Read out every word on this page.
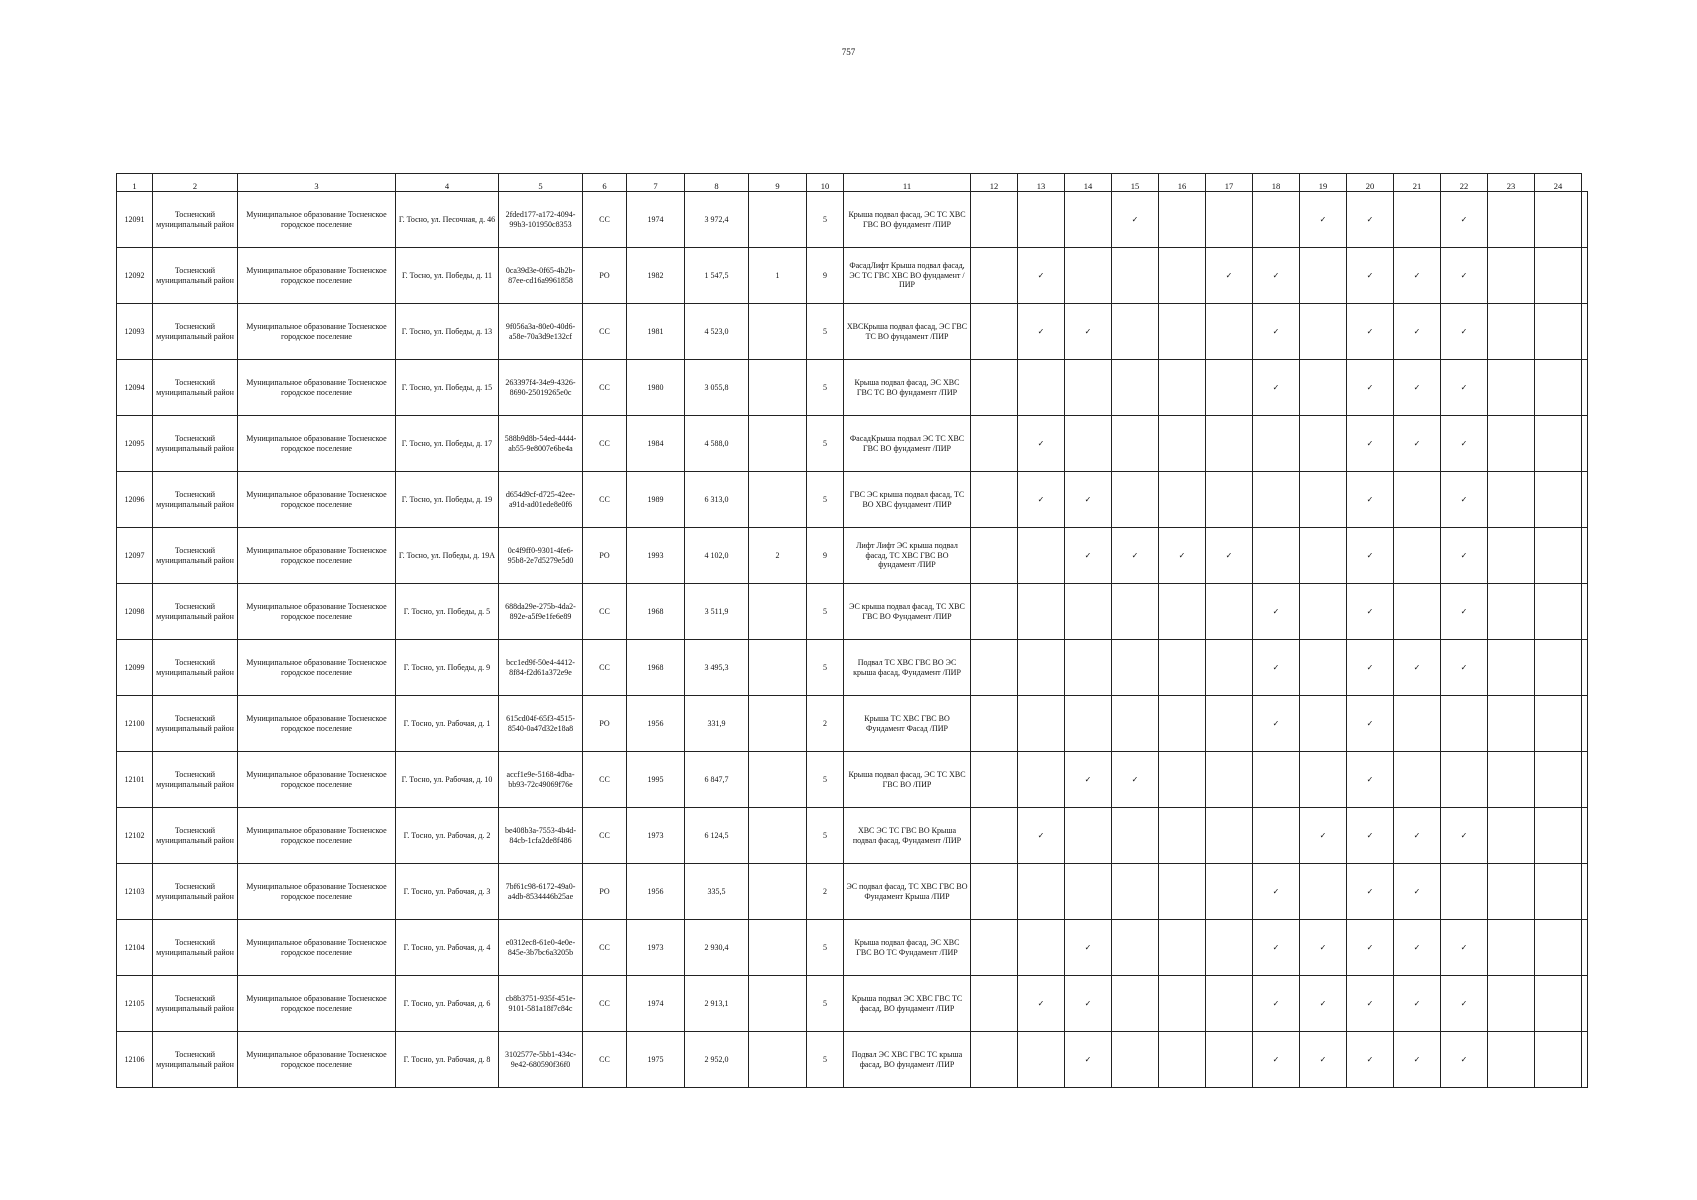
757
1	2	3	4	5	6	7	8	9	10	11	12	13	14	15	16	17	18	19	20	21	22	23	24	
12091	Тосненский муниципальный район	Муниципальное образование Тосненское городское поселение	Г. Тосно, ул. Песочная, д. 46	2fded177-a172-4094-99b3-101950c8353	СС	1974	3 972,4		5	Крыша подвал фасад, ЭС ТС ХВС ГВС ВО фундамент /ПИР				✓				✓	✓		✓			
12092	Тосненский муниципальный район	Муниципальное образование Тосненское городское поселение	Г. Тосно, ул. Победы, д. 11	0ca39d3e-0f65-4b2b-87ee-cd16a9961858	РО	1982	1 547,5	1	9	ФасадЛифт Крыша подвал фасад, ЭС ТС ГВС ХВС ВО фундамент /ПИР		✓				✓	✓		✓	✓	✓			
12093	Тосненский муниципальный район	Муниципальное образование Тосненское городское поселение	Г. Тосно, ул. Победы, д. 13	9f056a3a-80e0-40d6-a58e-70a3d9e132cf	СС	1981	4 523,0		5	ХВСКрыша подвал фасад, ЭС ГВС ТС ВО фундамент /ПИР		✓	✓				✓		✓	✓	✓			
12094	Тосненский муниципальный район	Муниципальное образование Тосненское городское поселение	Г. Тосно, ул. Победы, д. 15	263397f4-34e9-4326-8690-25019265e0c	СС	1980	3 055,8		5	Крыша подвал фасад, ЭС ХВС ГВС ТС ВО фундамент /ПИР							✓		✓	✓	✓			
12095	Тосненский муниципальный район	Муниципальное образование Тосненское городское поселение	Г. Тосно, ул. Победы, д. 17	588b9d8b-54ed-4444-ab55-9e8007e6be4a	СС	1984	4 588,0		5	ФасадКрыша подвал ЭС ТС ХВС ГВС ВО фундамент /ПИР		✓							✓	✓	✓			
12096	Тосненский муниципальный район	Муниципальное образование Тосненское городское поселение	Г. Тосно, ул. Победы, д. 19	d654d9cf-d725-42ee-a91d-ad01ede8e0f6	СС	1989	6 313,0		5	ГВС ЭС крыша подвал фасад, ТС ВО ХВС фундамент /ПИР		✓	✓						✓		✓			
12097	Тосненский муниципальный район	Муниципальное образование Тосненское городское поселение	Г. Тосно, ул. Победы, д. 19А	0c4f9ff0-9301-4fe6-95b8-2e7d5279e5d0	РО	1993	4 102,0	2	9	Лифт Лифт ЭС крыша подвал фасад, ТС ХВС ГВС ВО фундамент /ПИР			✓	✓	✓	✓			✓		✓			
12098	Тосненский муниципальный район	Муниципальное образование Тосненское городское поселение	Г. Тосно, ул. Победы, д. 5	688da29e-275b-4da2-892e-a5f9e1fe6e89	СС	1968	3 511,9		5	ЭС крыша подвал фасад, ТС ХВС ГВС ВО Фундамент /ПИР							✓		✓		✓			
12099	Тосненский муниципальный район	Муниципальное образование Тосненское городское поселение	Г. Тосно, ул. Победы, д. 9	bcc1ed9f-50e4-4412-8f84-f2d61a372e9e	СС	1968	3 495,3		5	Подвал ТС ХВС ГВС ВО ЭС крыша фасад, Фундамент /ПИР							✓		✓	✓	✓			
12100	Тосненский муниципальный район	Муниципальное образование Тосненское городское поселение	Г. Тосно, ул. Рабочая, д. 1	615cd04f-65f3-4515-8540-0a47d32e18a8	РО	1956	331,9		2	Крыша ТС ХВС ГВС ВО Фундамент Фасад /ПИР							✓		✓					
12101	Тосненский муниципальный район	Муниципальное образование Тосненское городское поселение	Г. Тосно, ул. Рабочая, д. 10	accf1e9e-5168-4dba-bb93-72c49069f76e	СС	1995	6 847,7		5	Крыша подвал фасад, ЭС ТС ХВС ГВС ВО /ПИР			✓	✓					✓					
12102	Тосненский муниципальный район	Муниципальное образование Тосненское городское поселение	Г. Тосно, ул. Рабочая, д. 2	be408b3a-7553-4b4d-84cb-1cfa2de8f486	СС	1973	6 124,5		5	ХВС ЭС ТС ГВС ВО Крыша подвал фасад, Фундамент /ПИР		✓						✓	✓	✓	✓			
12103	Тосненский муниципальный район	Муниципальное образование Тосненское городское поселение	Г. Тосно, ул. Рабочая, д. 3	7bf61c98-6172-49a0-a4db-8534446b25ae	РО	1956	335,5		2	ЭС подвал фасад, ТС ХВС ГВС ВО Фундамент Крыша /ПИР							✓		✓	✓				
12104	Тосненский муниципальный район	Муниципальное образование Тосненское городское поселение	Г. Тосно, ул. Рабочая, д. 4	e0312ec8-61e0-4e0e-845e-3b7bc6a3205b	СС	1973	2 930,4		5	Крыша подвал фасад, ЭС ХВС ГВС ВО ТС Фундамент /ПИР			✓				✓	✓	✓	✓	✓			
12105	Тосненский муниципальный район	Муниципальное образование Тосненское городское поселение	Г. Тосно, ул. Рабочая, д. 6	cb8b3751-935f-451e-9101-581a18f7c84c	СС	1974	2 913,1		5	Крыша подвал ЭС ХВС ГВС ТС фасад, ВО фундамент /ПИР		✓	✓				✓	✓	✓	✓	✓			
12106	Тосненский муниципальный район	Муниципальное образование Тосненское городское поселение	Г. Тосно, ул. Рабочая, д. 8	3102577e-5bb1-434c-9e42-680590f36f0	СС	1975	2 952,0		5	Подвал ЭС ХВС ГВС ТС крыша фасад, ВО фундамент /ПИР			✓				✓	✓	✓	✓	✓			
